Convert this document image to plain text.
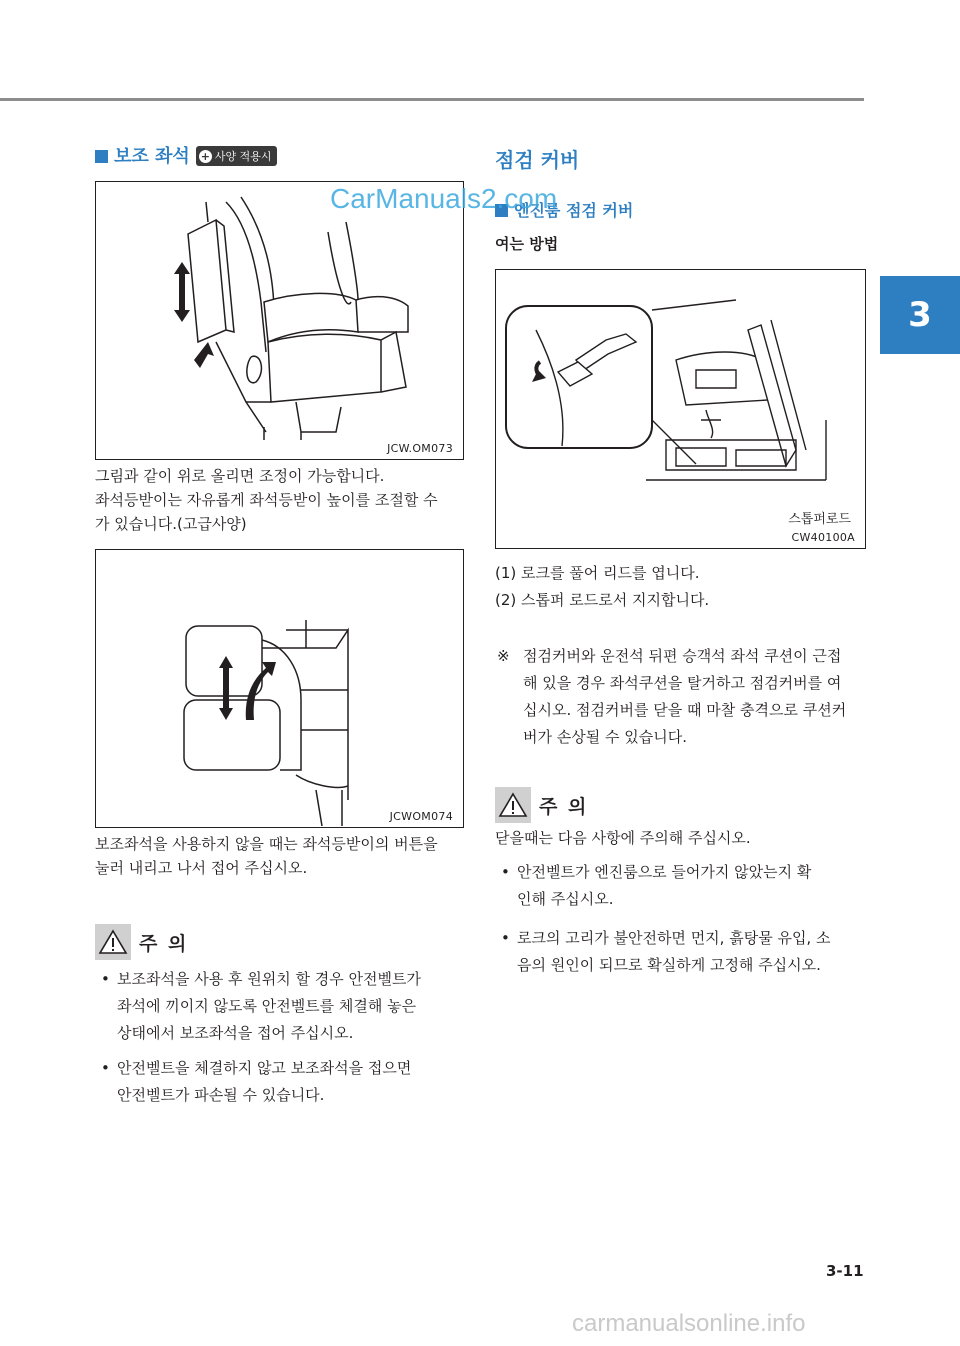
3
보조 좌석 + 사양 적용시
JCW.OM073
그림과 같이 위로 올리면 조정이 가능합니다.
좌석등받이는 자유롭게 좌석등받이 높이를 조절할 수
가 있습니다.(고급사양)
JCWOM074
보조좌석을 사용하지 않을 때는 좌석등받이의 버튼을
눌러 내리고 나서 접어 주십시오.
주 의
• 보조좌석을 사용 후 원위치 할 경우 안전벨트가
좌석에 끼이지 않도록 안전벨트를 체결해 놓은
상태에서 보조좌석을 접어 주십시오.
• 안전벨트을 체결하지 않고 보조좌석을 접으면
안전벨트가 파손될 수 있습니다.
점검 커버
엔진룸 점검 커버
여는 방법
스톱퍼로드
CW40100A
(1) 로크를 풀어 리드를 엽니다.
(2) 스톱퍼 로드로서 지지합니다.
※ 점검커버와 운전석 뒤편 승객석 좌석 쿠션이 근접
해 있을 경우 좌석쿠션을 탈거하고 점검커버를 여
십시오. 점검커버를 닫을 때 마찰 충격으로 쿠션커
버가 손상될 수 있습니다.
주 의
닫을때는 다음 사항에 주의해 주십시오.
• 안전벨트가 엔진룸으로 들어가지 않았는지 확
인해 주십시오.
• 로크의 고리가 불안전하면 먼지, 흙탕물 유입, 소
음의 원인이 되므로 확실하게 고정해 주십시오.
3-11
CarManuals2.com
carmanualsonline.info
